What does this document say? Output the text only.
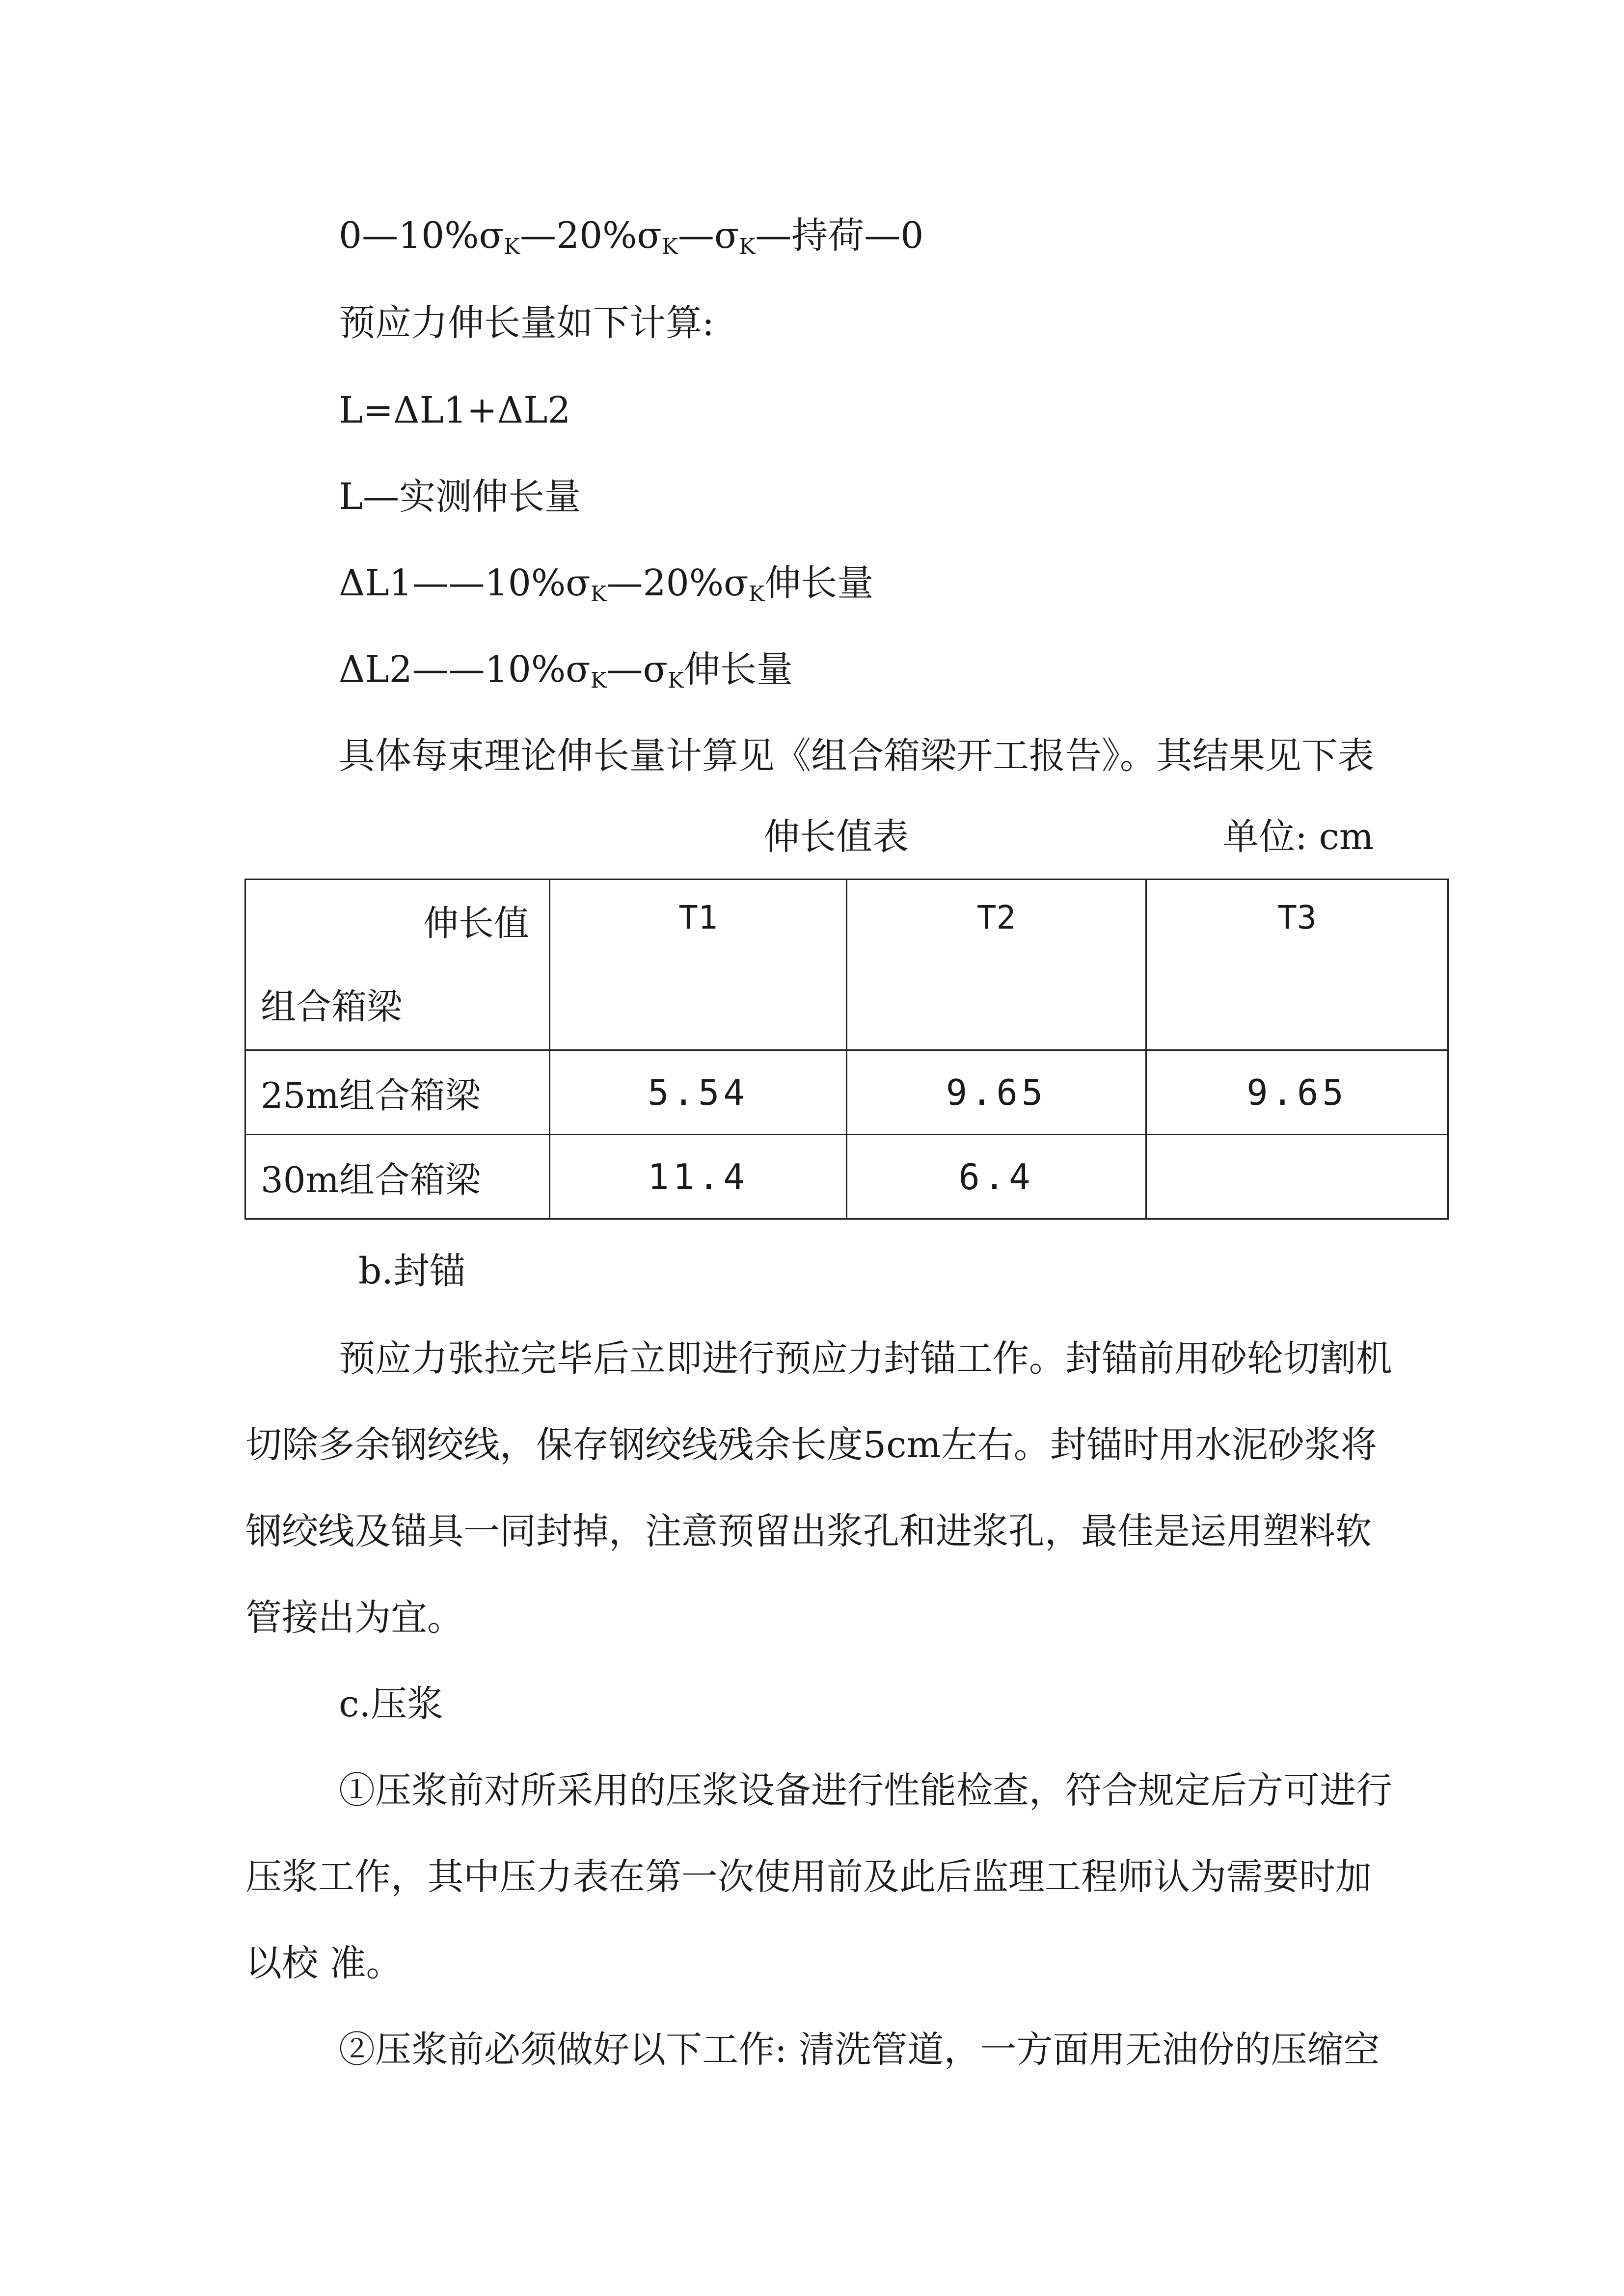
$0—10\%\sigma_K—20\%\sigma_K—\sigma_K—$持荷—0
预应力伸长量如下计算:
L=ΔL1+ΔL2
L—实测伸长量
$\Delta L1——10\%\sigma_K—20\%\sigma_K$伸长量
$\Delta L2——10\%\sigma_K—\sigma_K$伸长量
具体每束理论伸长量计算见《组合箱梁开工报告》。其结果见下表
伸长值表	单位: cm
伸长值
组合箱梁	T1	T2	T3
25m组合箱梁	5.54	9.65	9.65
30m组合箱梁	11.4	6.4	
b.封锚
预应力张拉完毕后立即进行预应力封锚工作。封锚前用砂轮切割机
切除多余钢绞线，保存钢绞线残余长度5cm左右。封锚时用水泥砂浆将
钢绞线及锚具一同封掉，注意预留出浆孔和进浆孔，最佳是运用塑料软
管接出为宜。
c.压浆
①压浆前对所采用的压浆设备进行性能检查，符合规定后方可进行
压浆工作，其中压力表在第一次使用前及此后监理工程师认为需要时加
以校 准。
②压浆前必须做好以下工作: 清洗管道，一方面用无油份的压缩空
